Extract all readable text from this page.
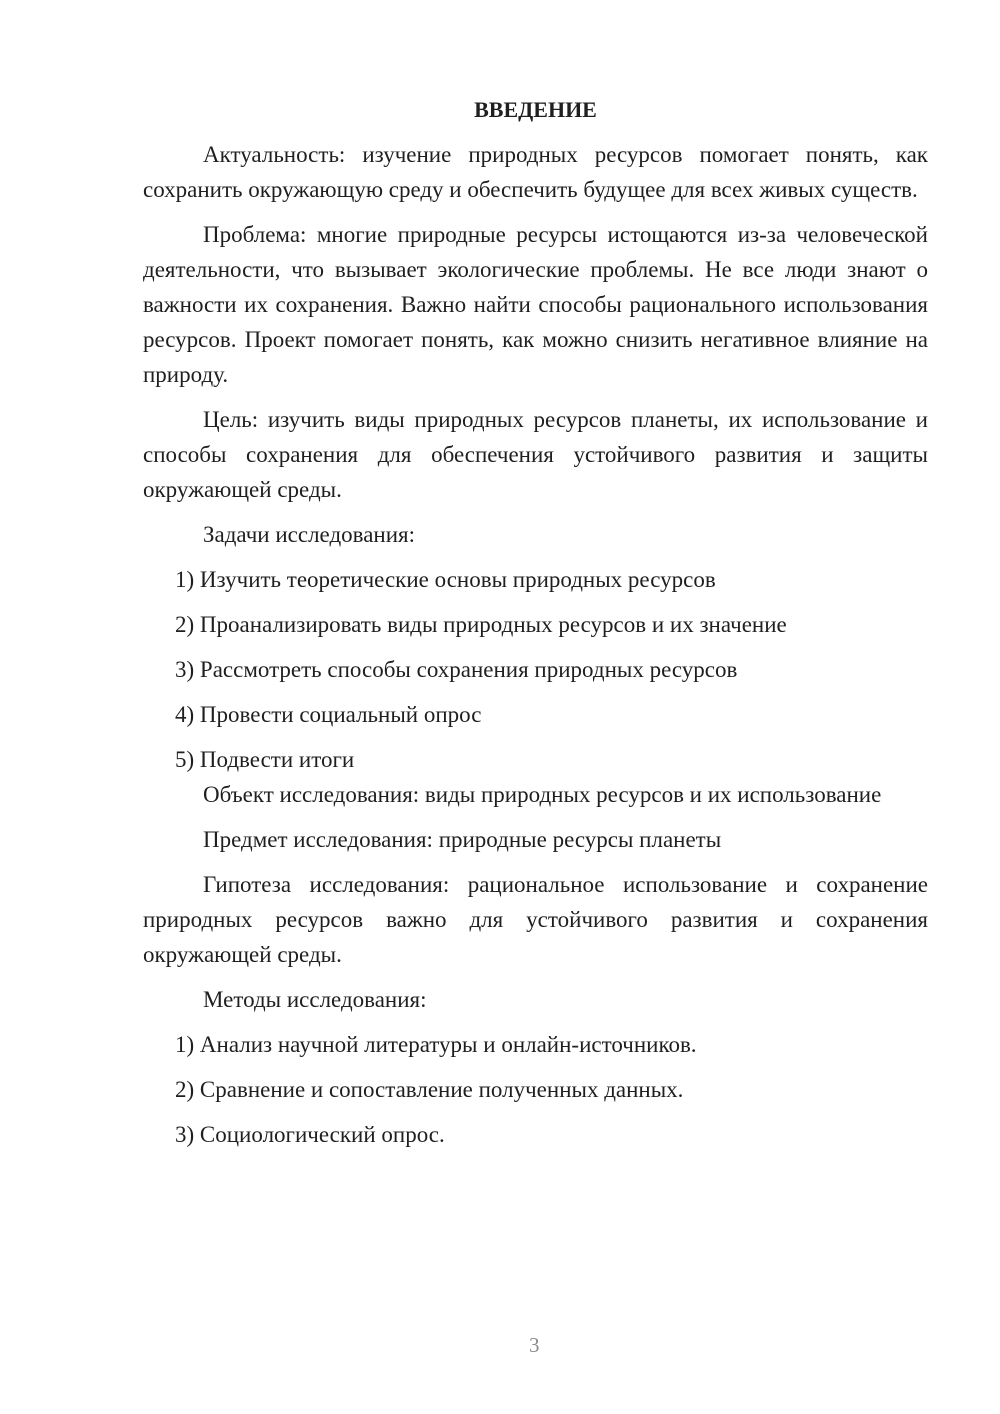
ВВЕДЕНИЕ
Актуальность: изучение природных ресурсов помогает понять, как сохранить окружающую среду и обеспечить будущее для всех живых существ.
Проблема: многие природные ресурсы истощаются из-за человеческой деятельности, что вызывает экологические проблемы. Не все люди знают о важности их сохранения. Важно найти способы рационального использования ресурсов. Проект помогает понять, как можно снизить негативное влияние на природу.
Цель: изучить виды природных ресурсов планеты, их использование и способы сохранения для обеспечения устойчивого развития и защиты окружающей среды.
Задачи исследования:
1) Изучить теоретические основы природных ресурсов
2) Проанализировать виды природных ресурсов и их значение
3) Рассмотреть способы сохранения природных ресурсов
4) Провести социальный опрос
5) Подвести итоги
Объект исследования: виды природных ресурсов и их использование
Предмет исследования: природные ресурсы планеты
Гипотеза исследования: рациональное использование и сохранение природных ресурсов важно для устойчивого развития и сохранения окружающей среды.
Методы исследования:
1) Анализ научной литературы и онлайн-источников.
2) Сравнение и сопоставление полученных данных.
3) Социологический опрос.
3
